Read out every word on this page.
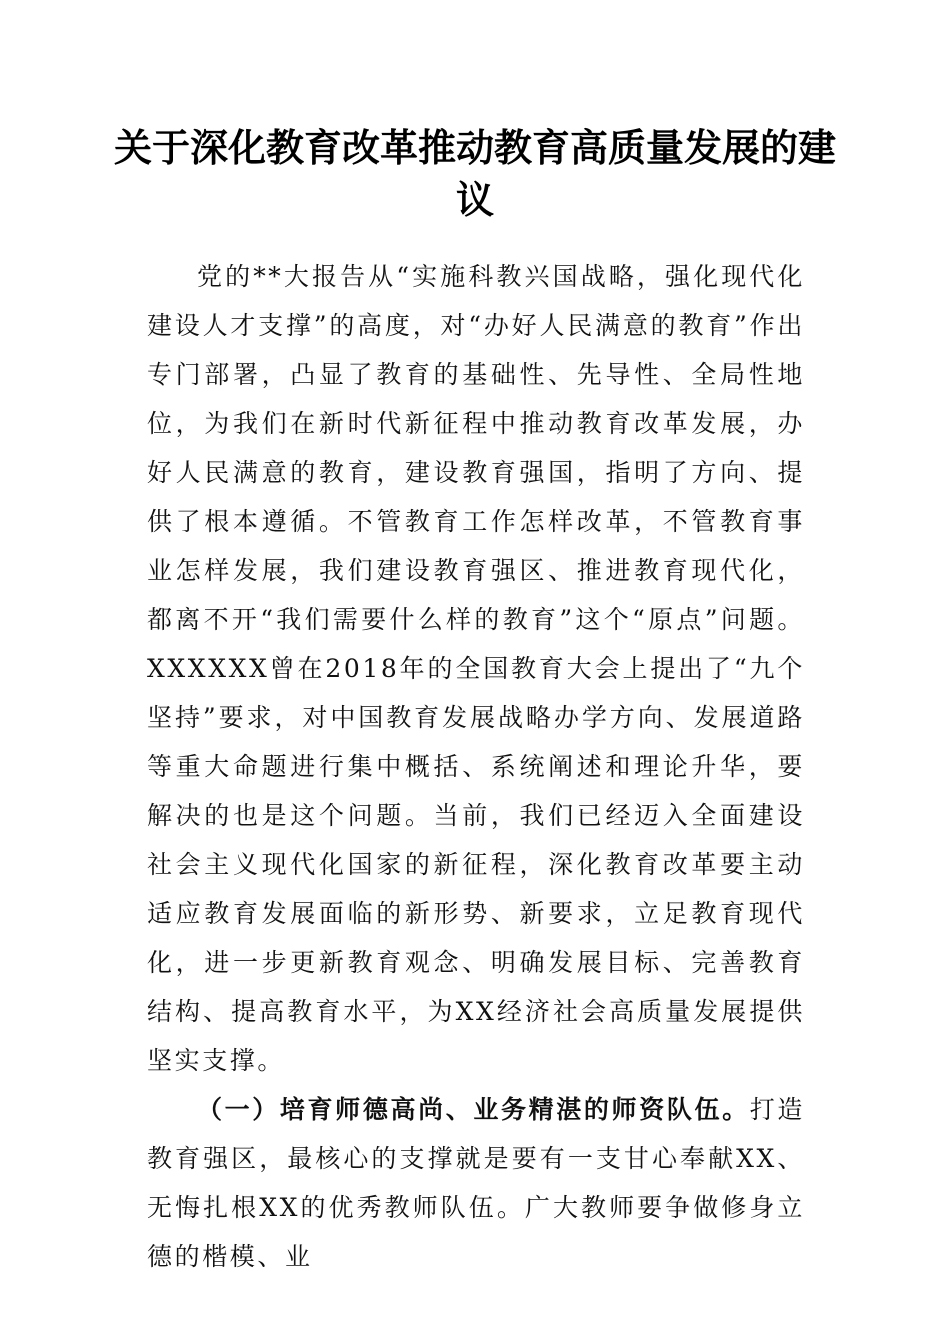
关于深化教育改革推动教育高质量发展的建议

党的**大报告从“实施科教兴国战略，强化现代化建设人才支撑”的高度，对“办好人民满意的教育”作出专门部署，凸显了教育的基础性、先导性、全局性地位，为我们在新时代新征程中推动教育改革发展，办好人民满意的教育，建设教育强国，指明了方向、提供了根本遵循。不管教育工作怎样改革，不管教育事业怎样发展，我们建设教育强区、推进教育现代化，都离不开“我们需要什么样的教育”这个“原点”问题。XXXXXX曾在2018年的全国教育大会上提出了“九个坚持”要求，对中国教育发展战略办学方向、发展道路等重大命题进行集中概括、系统阐述和理论升华，要解决的也是这个问题。当前，我们已经迈入全面建设社会主义现代化国家的新征程，深化教育改革要主动适应教育发展面临的新形势、新要求，立足教育现代化，进一步更新教育观念、明确发展目标、完善教育结构、提高教育水平，为XX经济社会高质量发展提供坚实支撑。

（一）培育师德高尚、业务精湛的师资队伍。打造教育强区，最核心的支撑就是要有一支甘心奉献XX、无悔扎根XX的优秀教师队伍。广大教师要争做修身立德的楷模、业
